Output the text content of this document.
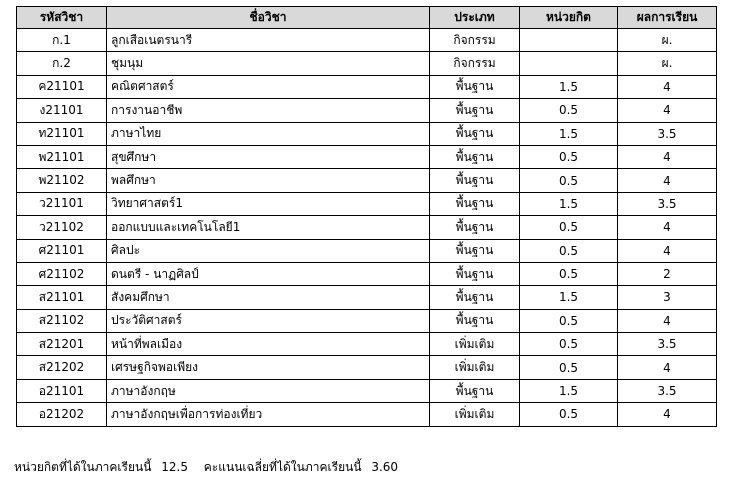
รหัสวิชา	ชื่อวิชา	ประเภท	หน่วยกิต	ผลการเรียน
ก.1	ลูกเสือเนตรนารี	กิจกรรม		ผ.
ก.2	ชุมนุม	กิจกรรม		ผ.
ค21101	คณิตศาสตร์	พื้นฐาน	1.5	4
ง21101	การงานอาชีพ	พื้นฐาน	0.5	4
ท21101	ภาษาไทย	พื้นฐาน	1.5	3.5
พ21101	สุขศึกษา	พื้นฐาน	0.5	4
พ21102	พลศึกษา	พื้นฐาน	0.5	4
ว21101	วิทยาศาสตร์1	พื้นฐาน	1.5	3.5
ว21102	ออกแบบและเทคโนโลยี1	พื้นฐาน	0.5	4
ศ21101	ศิลปะ	พื้นฐาน	0.5	4
ศ21102	ดนตรี - นาฏศิลป์	พื้นฐาน	0.5	2
ส21101	สังคมศึกษา	พื้นฐาน	1.5	3
ส21102	ประวัติศาสตร์	พื้นฐาน	0.5	4
ส21201	หน้าที่พลเมือง	เพิ่มเติม	0.5	3.5
ส21202	เศรษฐกิจพอเพียง	เพิ่มเติม	0.5	4
อ21101	ภาษาอังกฤษ	พื้นฐาน	1.5	3.5
อ21202	ภาษาอังกฤษเพื่อการท่องเที่ยว	เพิ่มเติม	0.5	4
หน่วยกิตที่ได้ในภาคเรียนนี้ 12.5 คะแนนเฉลี่ยที่ได้ในภาคเรียนนี้ 3.60
